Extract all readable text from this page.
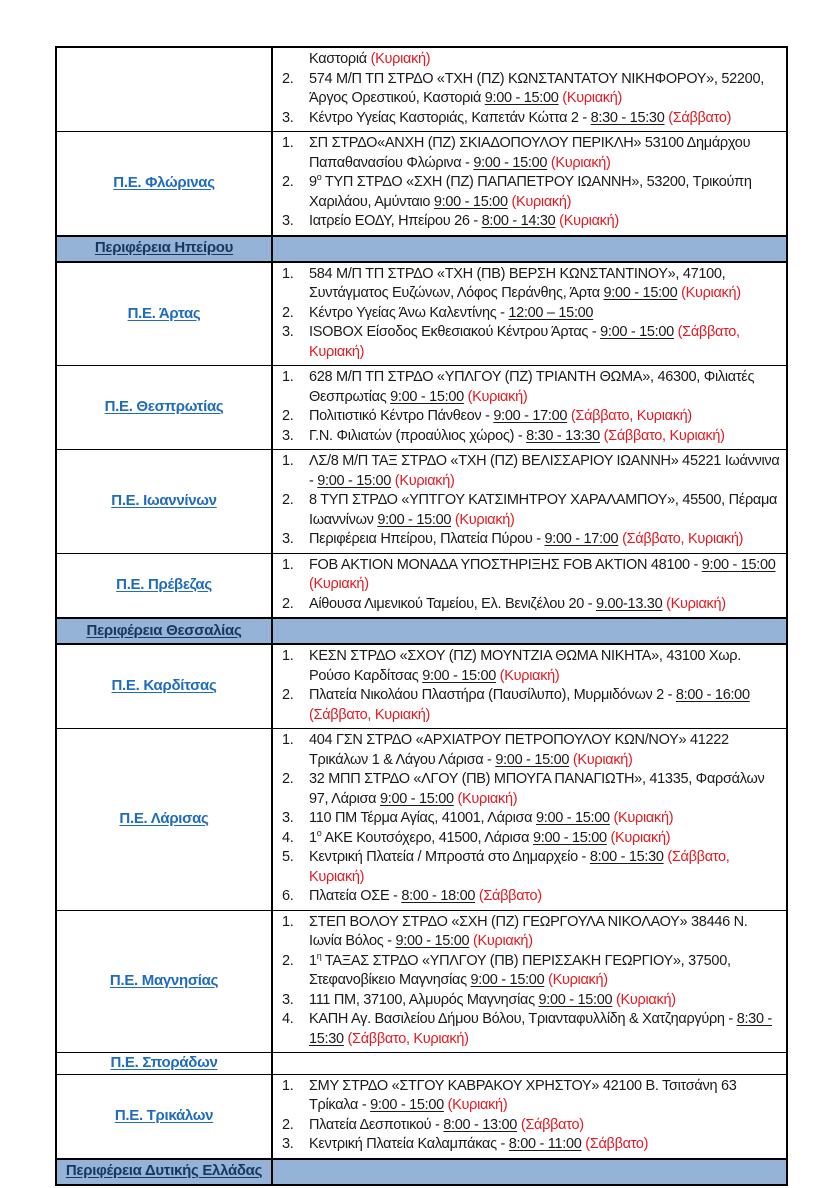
	Καστοριά (Κυριακή)
2. 574 Μ/Π ΤΠ ΣΤΡΔΟ «ΤΧΗ (ΠΖ) ΚΩΝΣΤΑΝΤΑΤΟΥ ΝΙΚΗΦΟΡΟΥ», 52200, Άργος Ορεστικού, Καστοριά 9:00 - 15:00 (Κυριακή)
3. Κέντρο Υγείας Καστοριάς, Καπετάν Κώττα 2 - 8:30 - 15:30 (Σάββατο)

Π.Ε. Φλώρινας	
1.	ΣΠ ΣΤΡΔΟ«ΑΝΧΗ (ΠΖ) ΣΚΙΑΔΟΠΟΥΛΟΥ ΠΕΡΙΚΛΗ» 53100 Δημάρχου Παπαθανασίου Φλώρινα - 9:00 - 15:00 (Κυριακή)
2.	$9^o$ ΤΥΠ ΣΤΡΔΟ «ΣΧΗ (ΠΖ) ΠΑΠΑΠΕΤΡΟΥ ΙΩΑΝΝΗ», 53200, Τρικούπη Χαριλάου, Αμύνταιο 9:00 - 15:00 (Κυριακή)
3.	Ιατρείο ΕΟΔΥ, Ηπείρου 26 - 8:00 - 14:30 (Κυριακή)

Περιφέρεια Ηπείρου	
Π.Ε. Άρτας	
1.	584 Μ/Π ΤΠ ΣΤΡΔΟ «ΤΧΗ (ΠΒ) ΒΕΡΣΗ ΚΩΝΣΤΑΝΤΙΝΟΥ», 47100, Συντάγματος Ευζώνων, Λόφος Περάνθης, Άρτα 9:00 - 15:00 (Κυριακή)
2.	Κέντρο Υγείας Άνω Καλεντίνης - 12:00 – 15:00
3.	ISOBOX Είσοδος Εκθεσιακού Κέντρου Άρτας - 9:00 - 15:00 (Σάββατο, Κυριακή)

Π.Ε. Θεσπρωτίας	
1.	628 Μ/Π ΤΠ ΣΤΡΔΟ «ΥΠΛΓΟΥ (ΠΖ) ΤΡΙΑΝΤΗ ΘΩΜΑ», 46300, Φιλιατές Θεσπρωτίας 9:00 - 15:00 (Κυριακή)
2.	Πολιτιστικό Κέντρο Πάνθεον - 9:00 - 17:00 (Σάββατο, Κυριακή)
3.	Γ.Ν. Φιλιατών (προαύλιος χώρος) - 8:30 - 13:30 (Σάββατο, Κυριακή)

Π.Ε. Ιωαννίνων	
1.	ΛΣ/8 Μ/Π ΤΑΞ ΣΤΡΔΟ «ΤΧΗ (ΠΖ) ΒΕΛΙΣΣΑΡΙΟΥ ΙΩΑΝΝΗ» 45221 Ιωάννινα - 9:00 - 15:00 (Κυριακή)
2.	8 ΤΥΠ ΣΤΡΔΟ «ΥΠΤΓΟΥ ΚΑΤΣΙΜΗΤΡΟΥ ΧΑΡΑΛΑΜΠΟΥ», 45500, Πέραμα Ιωαννίνων 9:00 - 15:00 (Κυριακή)
3.	Περιφέρεια Ηπείρου, Πλατεία Πύρου - 9:00 - 17:00 (Σάββατο, Κυριακή)

Π.Ε. Πρέβεζας	1. FOB AKTION ΜΟΝΑΔΑ ΥΠΟΣΤΗΡΙΞΗΣ FOB AKTION 48100 - 9:00 - 15:00 (Κυριακή)
2. Αίθουσα Λιμενικού Ταμείου, Ελ. Βενιζέλου 20 - 9.00-13.30 (Κυριακή)

Περιφέρεια Θεσσαλίας	
Π.Ε. Καρδίτσας	1. ΚΕΣΝ ΣΤΡΔΟ «ΣΧΟΥ (ΠΖ) ΜΟΥΝΤΖΙΑ ΘΩΜΑ ΝΙΚΗΤΑ», 43100 Χωρ. Ρούσο Καρδίτσας 9:00 - 15:00 (Κυριακή)
2. Πλατεία Νικολάου Πλαστήρα (Παυσίλυπο), Μυρμιδόνων 2 - 8:00 - 16:00 (Σάββατο, Κυριακή)

Π.Ε. Λάρισας	
1.	404 ΓΣΝ ΣΤΡΔΟ «ΑΡΧΙΑΤΡΟΥ ΠΕΤΡΟΠΟΥΛΟΥ ΚΩΝ/ΝΟΥ» 41222 Τρικάλων 1 & Λάγου Λάρισα - 9:00 - 15:00 (Κυριακή)
2.	32 ΜΠΠ ΣΤΡΔΟ «ΛΓΟΥ (ΠΒ) ΜΠΟΥΓΑ ΠΑΝΑΓΙΩΤΗ», 41335, Φαρσάλων 97, Λάρισα 9:00 - 15:00 (Κυριακή)
3.	110 ΠΜ Τέρμα Αγίας, 41001, Λάρισα 9:00 - 15:00 (Κυριακή)
4.	$1^o$ ΑΚΕ Κουτσόχερο, 41500, Λάρισα 9:00 - 15:00 (Κυριακή)
5.	Κεντρική Πλατεία / Μπροστά στο Δημαρχείο - 8:00 - 15:30 (Σάββατο, Κυριακή)
6.	Πλατεία ΟΣΕ - 8:00 - 18:00 (Σάββατο)

Π.Ε. Μαγνησίας	
1.	ΣΤΕΠ ΒΟΛΟΥ ΣΤΡΔΟ «ΣΧΗ (ΠΖ) ΓΕΩΡΓΟΥΛΑ ΝΙΚΟΛΑΟΥ» 38446 Ν. Ιωνία Βόλος - 9:00 - 15:00 (Κυριακή)
2.	$1^\eta$ ΤΑΞΑΣ ΣΤΡΔΟ «ΥΠΛΓΟΥ (ΠΒ) ΠΕΡΙΣΣΑΚΗ ΓΕΩΡΓΙΟΥ», 37500, Στεφανοβίκειο Μαγνησίας 9:00 - 15:00 (Κυριακή)
3.	111 ΠΜ, 37100, Αλμυρός Μαγνησίας 9:00 - 15:00 (Κυριακή)
4.	ΚΑΠΗ Αγ. Βασιλείου Δήμου Βόλου, Τριανταφυλλίδη & Χατζηαργύρη - 8:30 - 15:30 (Σάββατο, Κυριακή)

Π.Ε. Σποράδων	
Π.Ε. Τρικάλων	
1.	ΣΜΥ ΣΤΡΔΟ «ΣΤΓΟΥ ΚΑΒΡΑΚΟΥ ΧΡΗΣΤΟΥ» 42100 Β. Τσιτσάνη 63 Τρίκαλα - 9:00 - 15:00 (Κυριακή)
2.	Πλατεία Δεσποτικού - 8:00 - 13:00 (Σάββατο)
3.	Κεντρική Πλατεία Καλαμπάκας - 8:00 - 11:00 (Σάββατο)

Περιφέρεια Δυτικής Ελλάδας	
